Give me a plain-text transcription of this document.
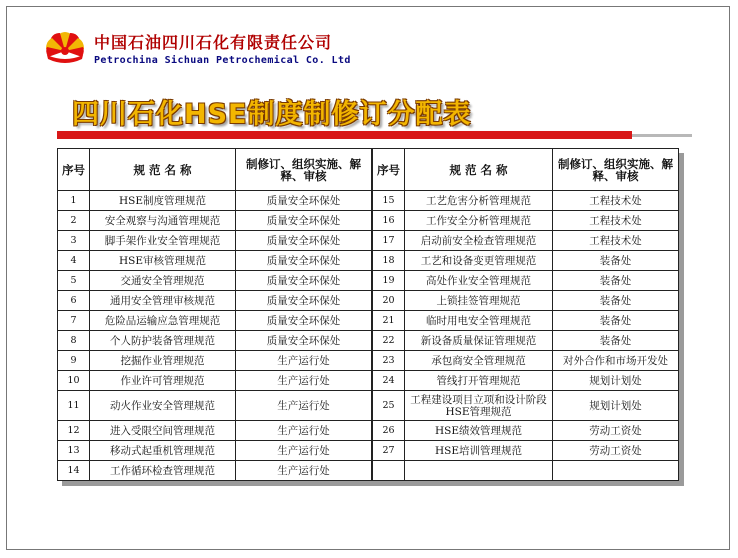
中国石油四川石化有限责任公司
Petrochina Sichuan Petrochemical Co. Ltd
四川石化HSE制度制修订分配表
序号	规 范 名 称	制修订、组织实施、解释、审核
1	HSE制度管理规范	质量安全环保处
2	安全观察与沟通管理规范	质量安全环保处
3	脚手架作业安全管理规范	质量安全环保处
4	HSE审核管理规范	质量安全环保处
5	交通安全管理规范	质量安全环保处
6	通用安全管理审核规范	质量安全环保处
7	危险品运输应急管理规范	质量安全环保处
8	个人防护装备管理规范	质量安全环保处
9	挖掘作业管理规范	生产运行处
10	作业许可管理规范	生产运行处
11	动火作业安全管理规范	生产运行处
12	进入受限空间管理规范	生产运行处
13	移动式起重机管理规范	生产运行处
14	工作循环检查管理规范	生产运行处
序号	规 范 名 称	制修订、组织实施、解释、审核
15	工艺危害分析管理规范	工程技术处
16	工作安全分析管理规范	工程技术处
17	启动前安全检查管理规范	工程技术处
18	工艺和设备变更管理规范	装备处
19	高处作业安全管理规范	装备处
20	上锁挂签管理规范	装备处
21	临时用电安全管理规范	装备处
22	新设备质量保证管理规范	装备处
23	承包商安全管理规范	对外合作和市场开发处
24	管线打开管理规范	规划计划处
25	工程建设项目立项和设计阶段HSE管理规范	规划计划处
26	HSE绩效管理规范	劳动工资处
27	HSE培训管理规范	劳动工资处
